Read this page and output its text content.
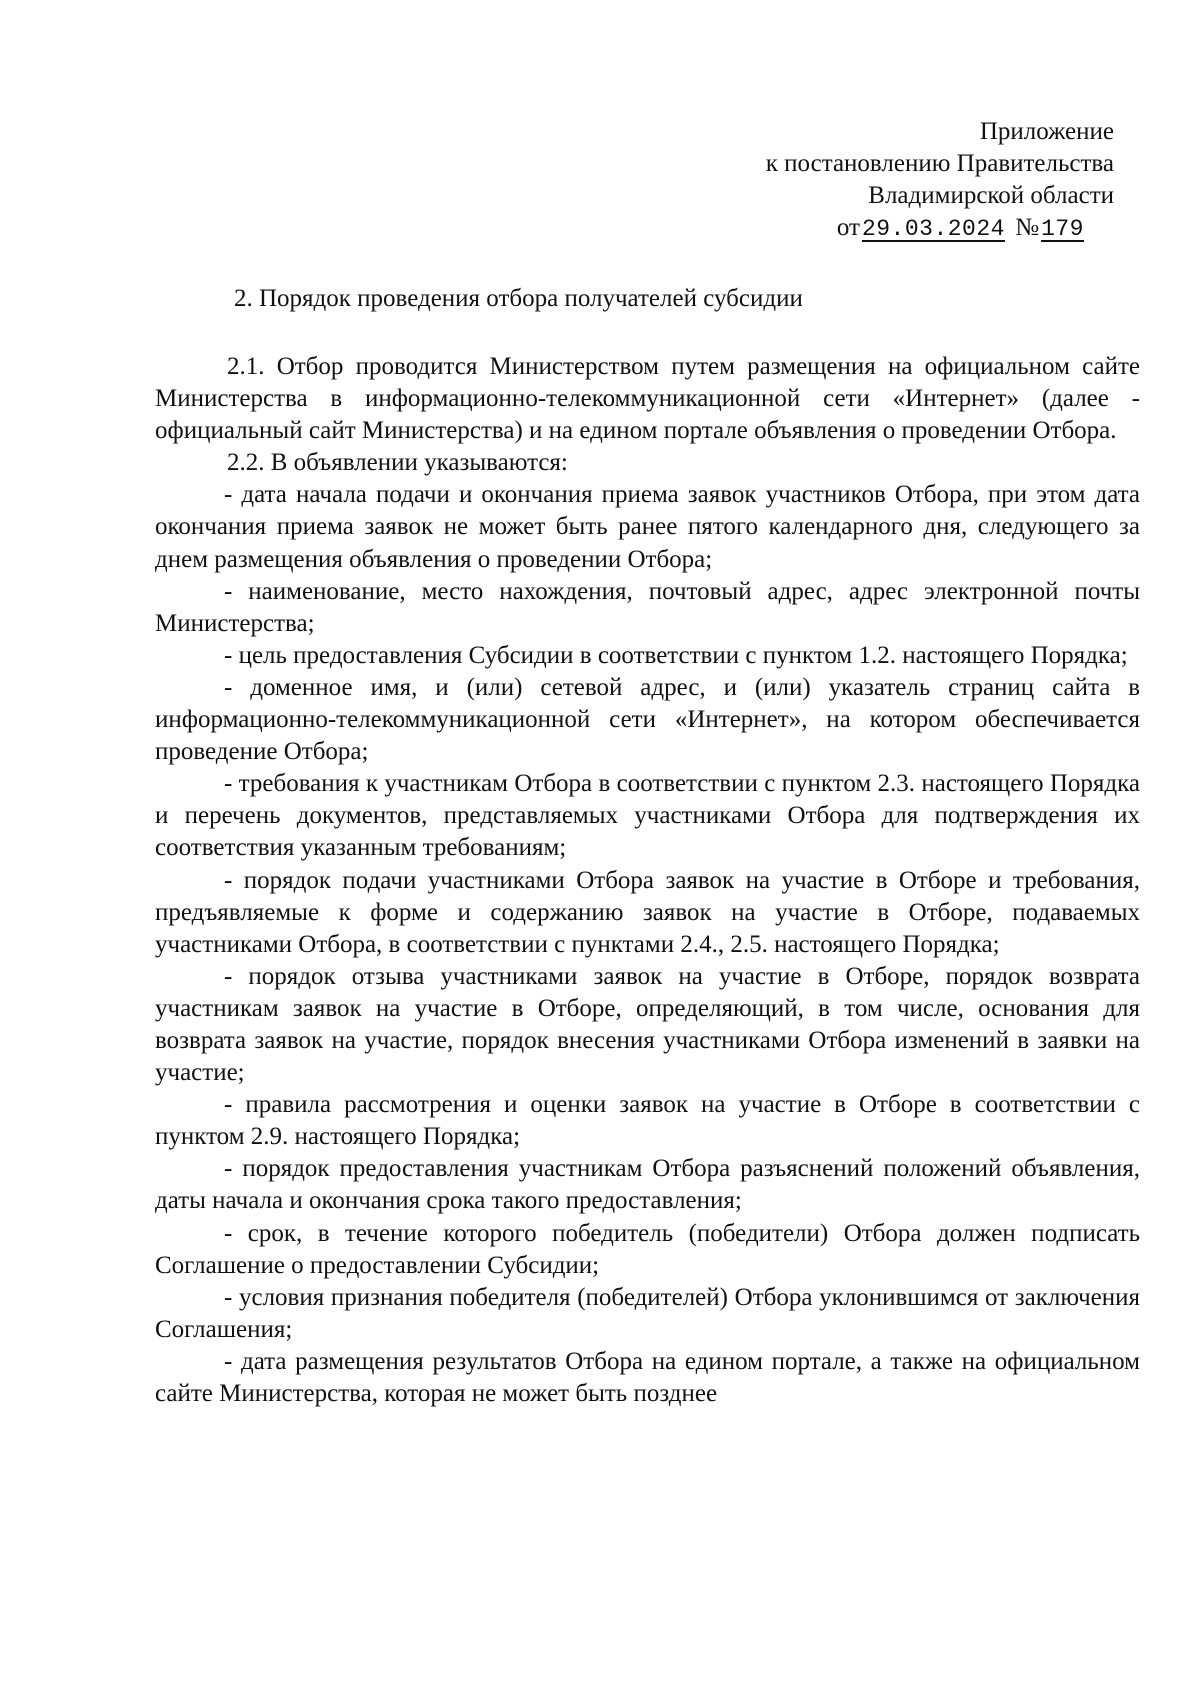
Приложение
к постановлению Правительства
Владимирской области
от29.03.2024 №179
2. Порядок проведения отбора получателей субсидии

2.1. Отбор проводится Министерством путем размещения на официальном сайте Министерства в информационно-телекоммуникационной сети «Интернет» (далее - официальный сайт Министерства) и на едином портале объявления о проведении Отбора.

2.2. В объявлении указываются:

- дата начала подачи и окончания приема заявок участников Отбора, при этом дата окончания приема заявок не может быть ранее пятого календарного дня, следующего за днем размещения объявления о проведении Отбора;

- наименование, место нахождения, почтовый адрес, адрес электронной почты Министерства;

- цель предоставления Субсидии в соответствии с пунктом 1.2. настоящего Порядка;

- доменное имя, и (или) сетевой адрес, и (или) указатель страниц сайта в информационно-телекоммуникационной сети «Интернет», на котором обеспечивается проведение Отбора;

- требования к участникам Отбора в соответствии с пунктом 2.3. настоящего Порядка и перечень документов, представляемых участниками Отбора для подтверждения их соответствия указанным требованиям;

- порядок подачи участниками Отбора заявок на участие в Отборе и требования, предъявляемые к форме и содержанию заявок на участие в Отборе, подаваемых участниками Отбора, в соответствии с пунктами 2.4., 2.5. настоящего Порядка;

- порядок отзыва участниками заявок на участие в Отборе, порядок возврата участникам заявок на участие в Отборе, определяющий, в том числе, основания для возврата заявок на участие, порядок внесения участниками Отбора изменений в заявки на участие;

- правила рассмотрения и оценки заявок на участие в Отборе в соответствии с пунктом 2.9. настоящего Порядка;

- порядок предоставления участникам Отбора разъяснений положений объявления, даты начала и окончания срока такого предоставления;

- срок, в течение которого победитель (победители) Отбора должен подписать Соглашение о предоставлении Субсидии;

- условия признания победителя (победителей) Отбора уклонившимся от заключения Соглашения;

- дата размещения результатов Отбора на едином портале, а также на официальном сайте Министерства, которая не может быть позднее
